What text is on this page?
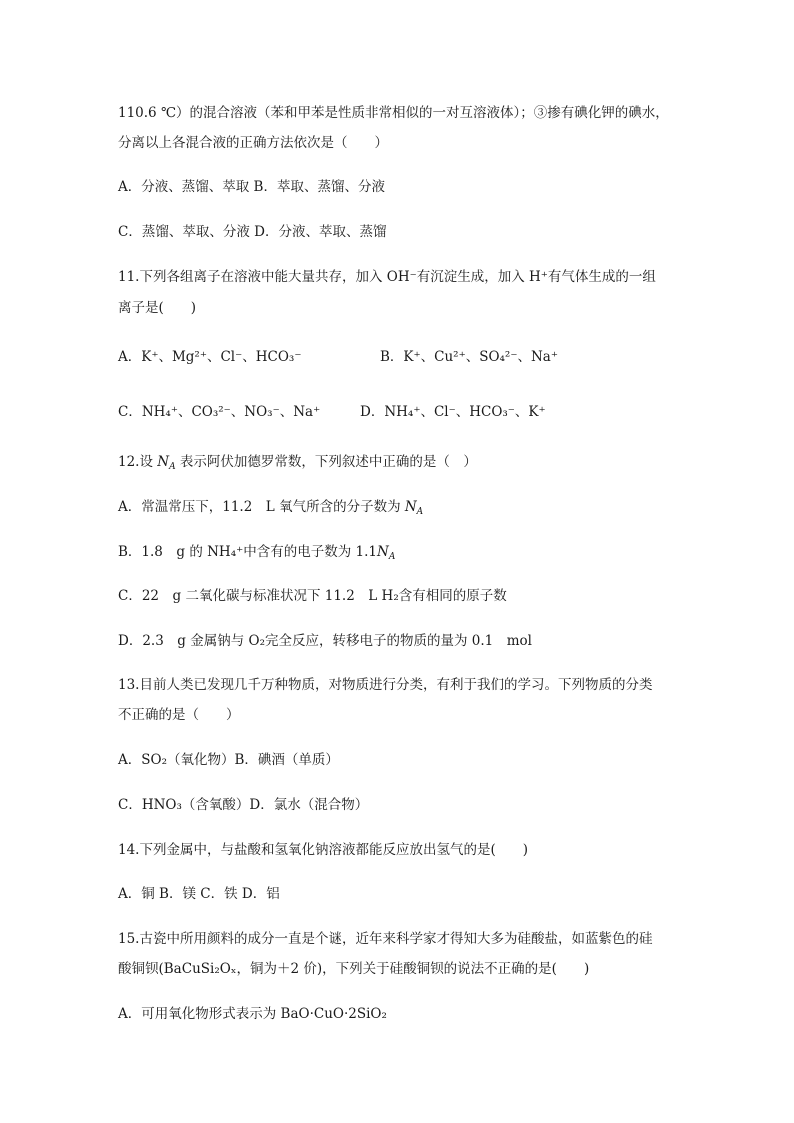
110.6 ℃）的混合溶液（苯和甲苯是性质非常相似的一对互溶液体）；③掺有碘化钾的碘水，
分离以上各混合液的正确方法依次是（　　）
A．分液、蒸馏、萃取 B．萃取、蒸馏、分液
C．蒸馏、萃取、分液 D．分液、萃取、蒸馏
11.下列各组离子在溶液中能大量共存，加入 OH⁻有沉淀生成，加入 H⁺有气体生成的一组
离子是(　　)
A．K⁺、Mg²⁺、Cl⁻、HCO₃⁻	B．K⁺、Cu²⁺、SO₄²⁻、Na⁺
C．NH₄⁺、CO₃²⁻、NO₃⁻、Na⁺	D．NH₄⁺、Cl⁻、HCO₃⁻、K⁺
12.设 $N_A$ 表示阿伏加德罗常数，下列叙述中正确的是（　）
A．常温常压下，11.2　L 氧气所含的分子数为 $N_A$
B．1.8　g 的 NH₄⁺中含有的电子数为 $1.1N_A$
C．22　g 二氧化碳与标准状况下 11.2　L H₂含有相同的原子数
D．2.3　g 金属钠与 O₂完全反应，转移电子的物质的量为 0.1　mol
13.目前人类已发现几千万种物质，对物质进行分类，有利于我们的学习。下列物质的分类
不正确的是（　　）
A．SO₂（氧化物）B．碘酒（单质）
C．HNO₃（含氧酸）D．氯水（混合物）
14.下列金属中，与盐酸和氢氧化钠溶液都能反应放出氢气的是(　　)
A．铜 B．镁 C．铁 D．铝
15.古瓷中所用颜料的成分一直是个谜，近年来科学家才得知大多为硅酸盐，如蓝紫色的硅
酸铜钡(BaCuSi₂Oₓ，铜为＋2 价)，下列关于硅酸铜钡的说法不正确的是(　　)
A．可用氧化物形式表示为 BaO·CuO·2SiO₂
